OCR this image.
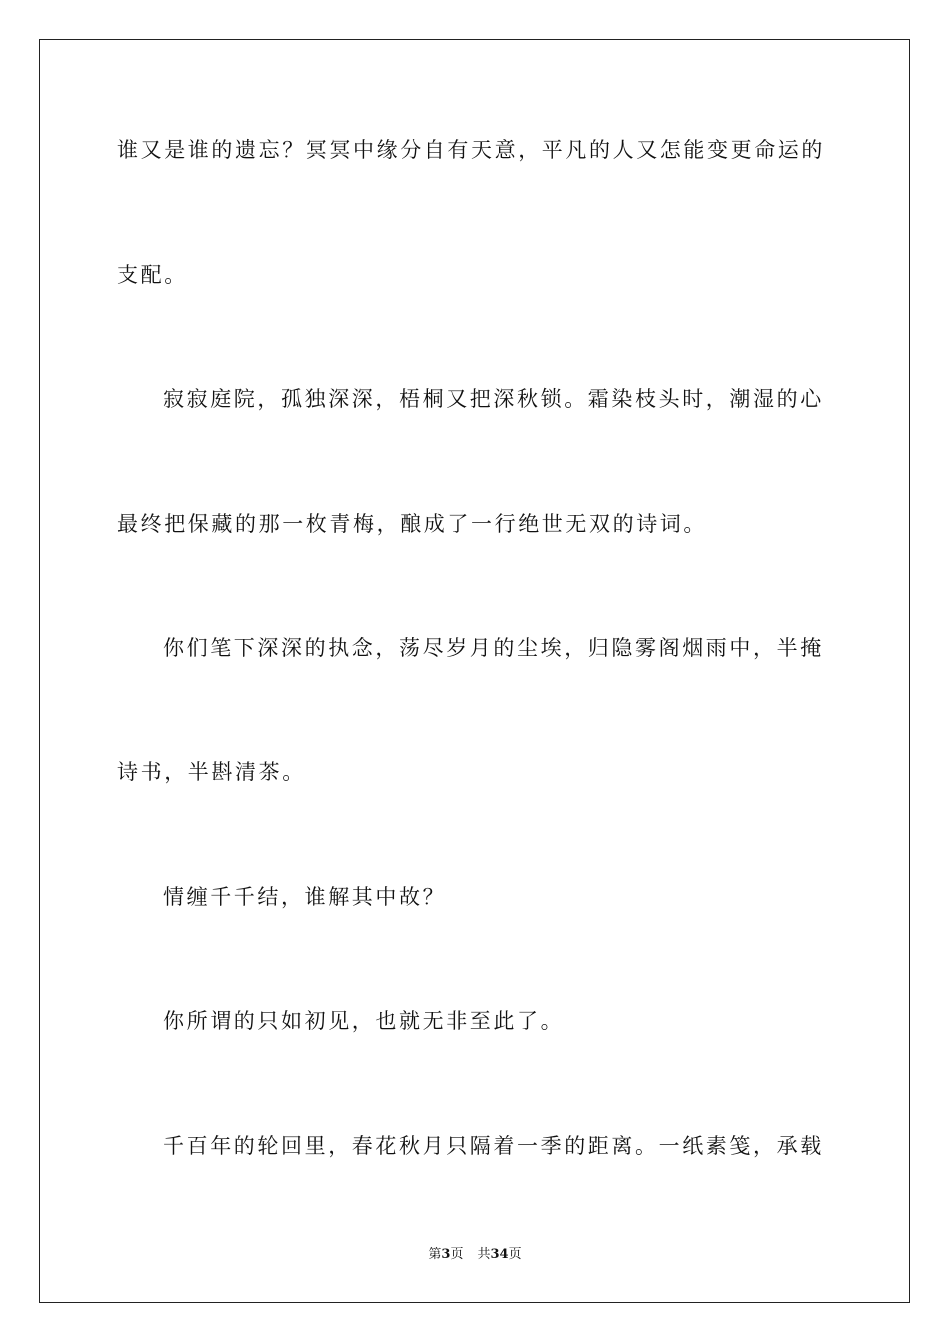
谁又是谁的遗忘？冥冥中缘分自有天意，平凡的人又怎能变更命运的
支配。
寂寂庭院，孤独深深，梧桐又把深秋锁。霜染枝头时，潮湿的心
最终把保藏的那一枚青梅，酿成了一行绝世无双的诗词。
你们笔下深深的执念，荡尽岁月的尘埃，归隐雾阁烟雨中，半掩
诗书，半斟清茶。
情缠千千结，谁解其中故？
你所谓的只如初见，也就无非至此了。
千百年的轮回里，春花秋月只隔着一季的距离。一纸素笺，承载
第3页 共34页
